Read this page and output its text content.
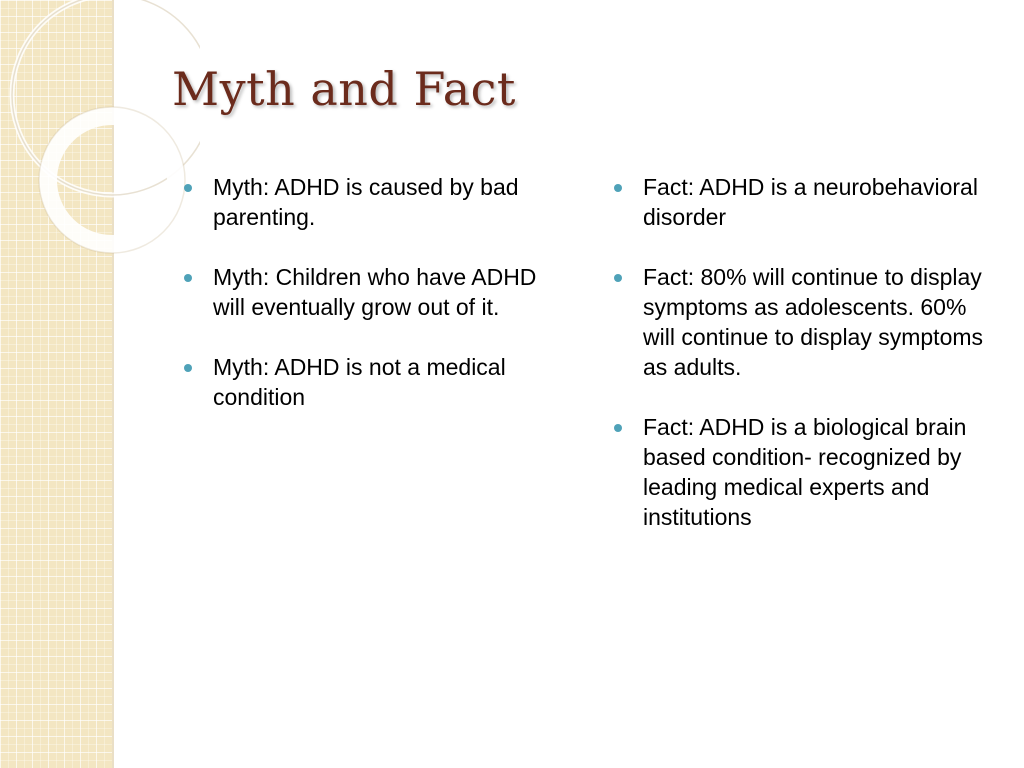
Myth and Fact
Myth: ADHD is caused by bad parenting.
Myth: Children who have ADHD will eventually grow out of it.
Myth: ADHD is not a medical condition
Fact: ADHD is a neurobehavioral disorder
Fact: 80% will continue to display symptoms as adolescents. 60% will continue to display symptoms as adults.
Fact: ADHD is a biological brain based condition- recognized by leading medical experts and institutions
